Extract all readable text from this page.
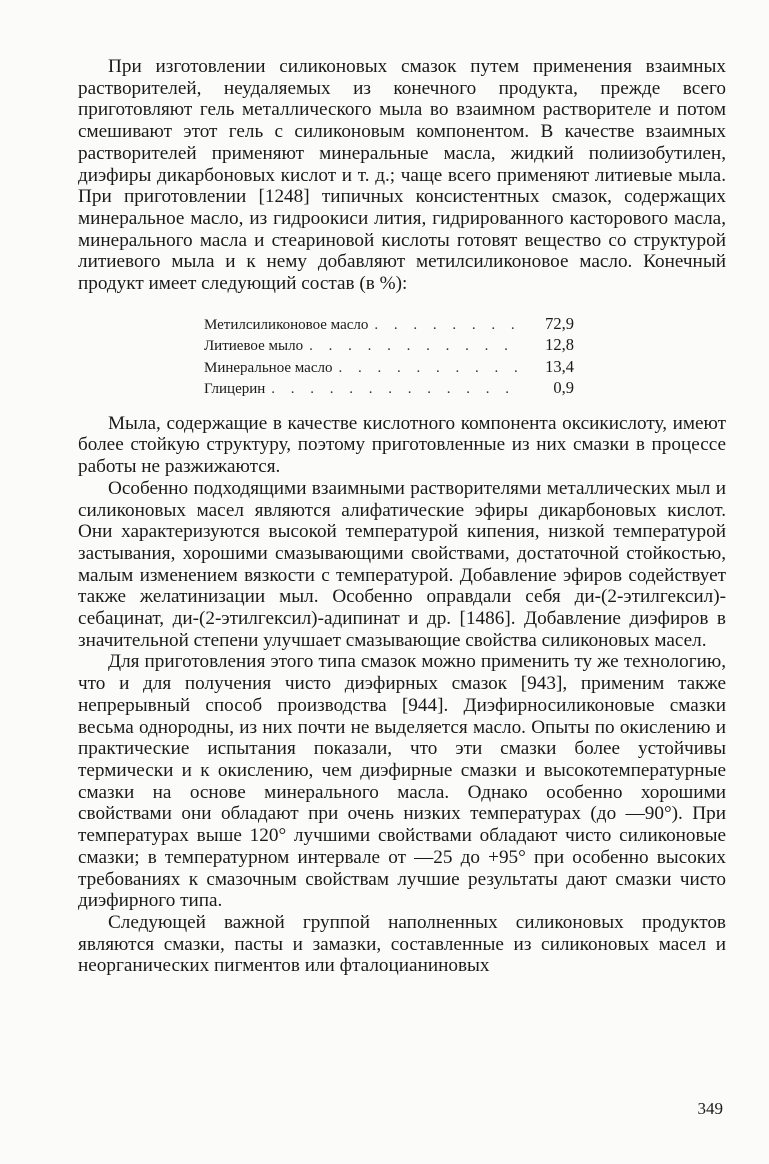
При изготовлении силиконовых смазок путем применения взаимных растворителей, неудаляемых из конечного продукта, прежде всего приготовляют гель металлического мыла во взаимном растворителе и потом смешивают этот гель с силиконовым компонентом. В качестве взаимных растворителей применяют минеральные масла, жидкий полиизобутилен, диэфиры дикарбоновых кислот и т. д.; чаще всего применяют литиевые мыла. При приготовлении [1248] типичных консистентных смазок, содержащих минеральное масло, из гидроокиси лития, гидрированного касторового масла, минерального масла и стеариновой кислоты готовят вещество со структурой литиевого мыла и к нему добавляют метилсиликоновое масло. Конечный продукт имеет следующий состав (в %):

Метилсиликоновое масло . . .	72,9
Литиевое мыло . . .	12,8
Минеральное масло . . .	13,4
Глицерин . . .	0,9

Мыла, содержащие в качестве кислотного компонента оксикислоту, имеют более стойкую структуру, поэтому приготовленные из них смазки в процессе работы не разжижаются.

Особенно подходящими взаимными растворителями металлических мыл и силиконовых масел являются алифатические эфиры дикарбоновых кислот. Они характеризуются высокой температурой кипения, низкой температурой застывания, хорошими смазывающими свойствами, достаточной стойкостью, малым изменением вязкости с температурой. Добавление эфиров содействует также желатинизации мыл. Особенно оправдали себя ди-(2-этилгексил)-себацинат, ди-(2-этилгексил)-адипинат и др. [1486]. Добавление диэфиров в значительной степени улучшает смазывающие свойства силиконовых масел.

Для приготовления этого типа смазок можно применить ту же технологию, что и для получения чисто диэфирных смазок [943], применим также непрерывный способ производства [944]. Диэфирносиликоновые смазки весьма однородны, из них почти не выделяется масло. Опыты по окислению и практические испытания показали, что эти смазки более устойчивы термически и к окислению, чем диэфирные смазки и высокотемпературные смазки на основе минерального масла. Однако особенно хорошими свойствами они обладают при очень низких температурах (до —90°). При температурах выше 120° лучшими свойствами обладают чисто силиконовые смазки; в температурном интервале от —25 до +95° при особенно высоких требованиях к смазочным свойствам лучшие результаты дают смазки чисто диэфирного типа.

Следующей важной группой наполненных силиконовых продуктов являются смазки, пасты и замазки, составленные из силиконовых масел и неорганических пигментов или фталоцианиновых

349
